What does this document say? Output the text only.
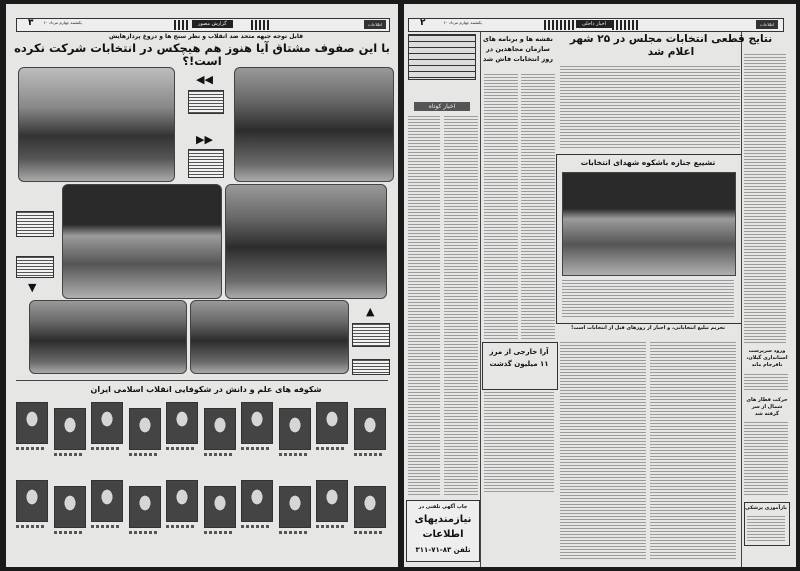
اطلاعات
گزارش مصور
یکشنبه چهارم مرداد ۶۰
۳
قابل توجه جبهه متحد ضد انقلاب و نظر سنج ها و دروغ پردازهایش
با این صفوف مشتاق آیا هنوز هم هیچکس در انتخابات شرکت نکرده است!؟
◀◀
▶▶
▼
▲
شکوفه های علم و دانش در شکوفایی انقلاب اسلامی ایران
اطلاعات
اخبار داخلی
یکشنبه چهارم مرداد ۶۰
۲
نتایج قطعی انتخابات مجلس در ۲۵ شهر اعلام شد
نقشه ها و برنامه های سازمان مجاهدین در روز انتخابات فاش شد
اخبار کوتاه
آرا خارجی از مرز ۱۱ میلیون گذشت
تشییع جنازه باشکوه شهدای انتخابات
تحریم تبلیغ انتخاباتی، و اجبار از روزهای قبل از انتخابات است!
ورود سرپرست استانداری گیلان، نافرجام ماند
حرکت قطار های شمال از سر گرفته شد
بازآموزی پزشکی
چاپ آگهی تلفنی در
نیازمندیهای
اطلاعات
تلفن ۸۳-۷۱-۳۱۱
